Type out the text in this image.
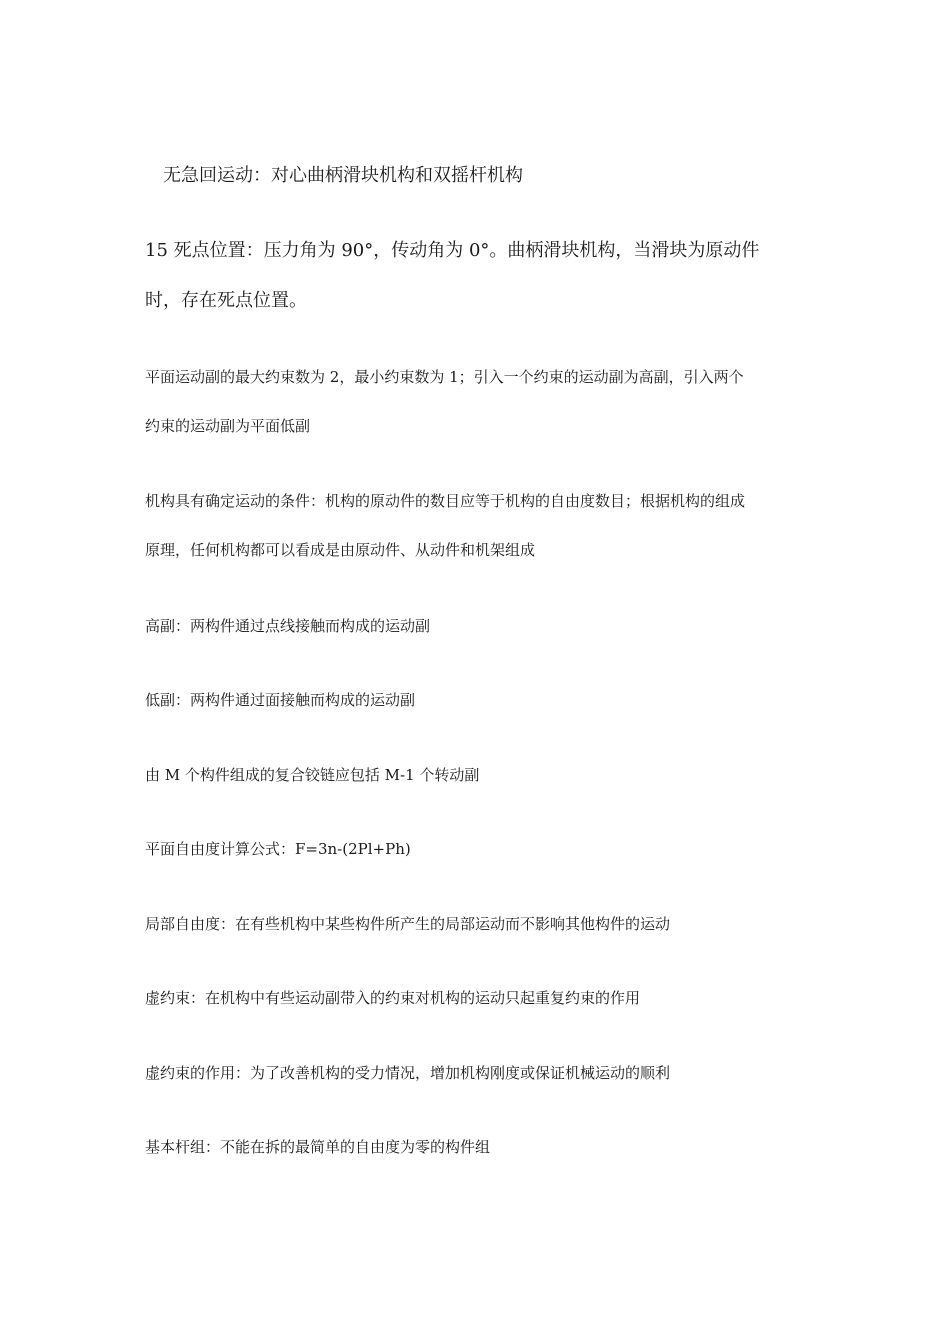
无急回运动：对心曲柄滑块机构和双摇杆机构
15 死点位置：压力角为 90°，传动角为 0°。曲柄滑块机构，当滑块为原动件
时，存在死点位置。
平面运动副的最大约束数为 2，最小约束数为 1；引入一个约束的运动副为高副，引入两个
约束的运动副为平面低副
机构具有确定运动的条件：机构的原动件的数目应等于机构的自由度数目；根据机构的组成
原理，任何机构都可以看成是由原动件、从动件和机架组成
高副：两构件通过点线接触而构成的运动副
低副：两构件通过面接触而构成的运动副
由 M 个构件组成的复合铰链应包括 M-1 个转动副
平面自由度计算公式：F=3n-(2Pl+Ph)
局部自由度：在有些机构中某些构件所产生的局部运动而不影响其他构件的运动
虚约束：在机构中有些运动副带入的约束对机构的运动只起重复约束的作用
虚约束的作用：为了改善机构的受力情况，增加机构刚度或保证机械运动的顺利
基本杆组：不能在拆的最简单的自由度为零的构件组
